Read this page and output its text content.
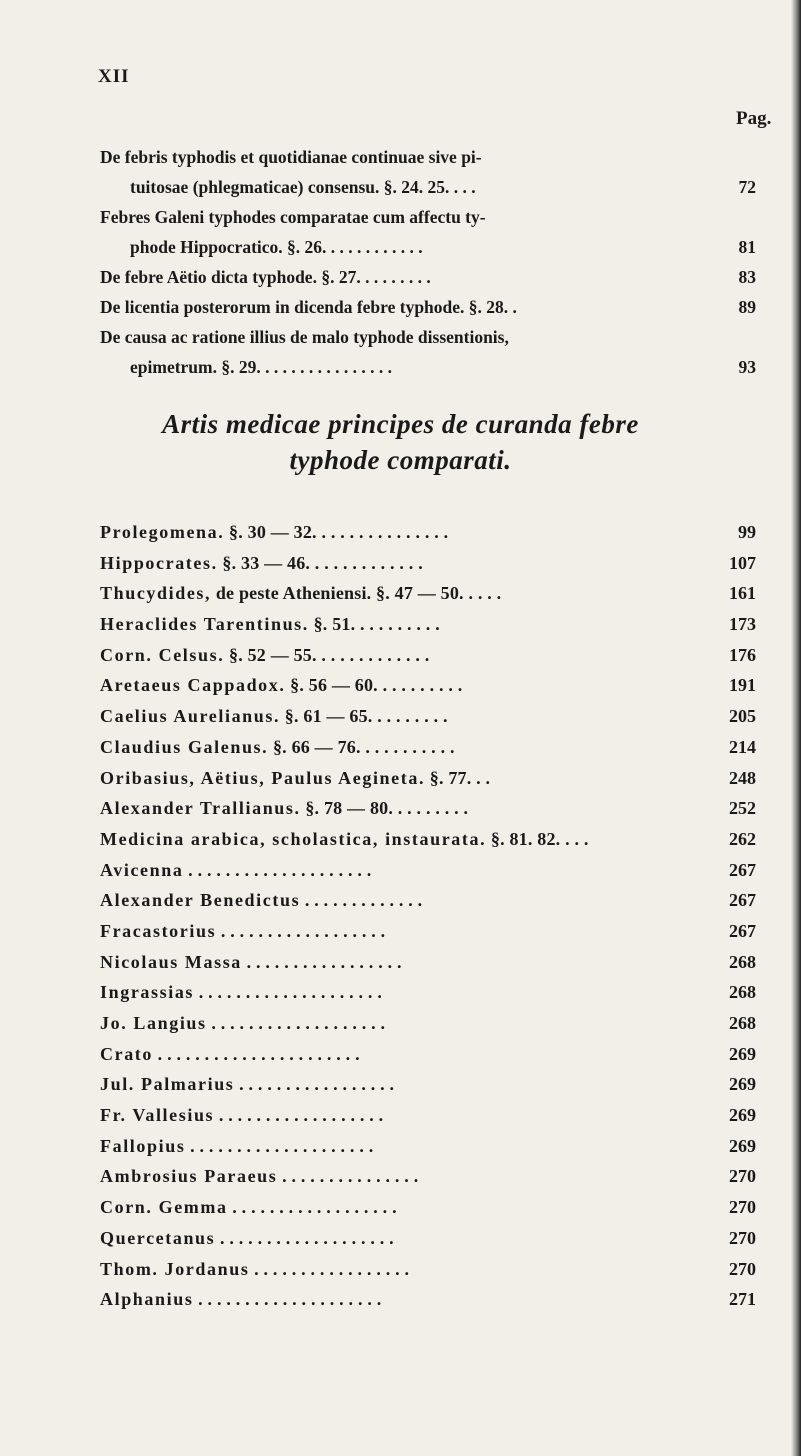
XII
Pag.
De febris typhodis et quotidianae continuae sive pi-
tuitosae (phlegmaticae) consensu. §. 24. 25. . . .	72
Febres Galeni typhodes comparatae cum affectu ty-
phode Hippocratico. §. 26. . . . . . . . . . . .	81
De febre Aëtio dicta typhode. §. 27. . . . . . . . .	83
De licentia posterorum in dicenda febre typhode. §. 28. .	89
De causa ac ratione illius de malo typhode dissentionis,
epimetrum. §. 29. . . . . . . . . . . . . . . .	93
Artis medicae principes de curanda febre
typhode comparati.
Prolegomena. §. 30 — 32. . . . . . . . . . . . . . .	99
Hippocrates. §. 33 — 46. . . . . . . . . . . . .	107
Thucydides, de peste Atheniensi. §. 47 — 50. . . . .	161
Heraclides Tarentinus. §. 51. . . . . . . . . .	173
Corn. Celsus. §. 52 — 55. . . . . . . . . . . . .	176
Aretaeus Cappadox. §. 56 — 60. . . . . . . . . .	191
Caelius Aurelianus. §. 61 — 65. . . . . . . . .	205
Claudius Galenus. §. 66 — 76. . . . . . . . . . .	214
Oribasius, Aëtius, Paulus Aegineta. §. 77. . .	248
Alexander Trallianus. §. 78 — 80. . . . . . . . .	252
Medicina arabica, scholastica, instaurata. §. 81. 82. . . .	262
Avicenna . . . . . . . . . . . . . . . . . . . .	267
Alexander Benedictus . . . . . . . . . . . . .	267
Fracastorius . . . . . . . . . . . . . . . . . .	267
Nicolaus Massa . . . . . . . . . . . . . . . . .	268
Ingrassias . . . . . . . . . . . . . . . . . . . .	268
Jo. Langius . . . . . . . . . . . . . . . . . . .	268
Crato . . . . . . . . . . . . . . . . . . . . . .	269
Jul. Palmarius . . . . . . . . . . . . . . . . .	269
Fr. Vallesius . . . . . . . . . . . . . . . . . .	269
Fallopius . . . . . . . . . . . . . . . . . . . .	269
Ambrosius Paraeus . . . . . . . . . . . . . . .	270
Corn. Gemma . . . . . . . . . . . . . . . . . .	270
Quercetanus . . . . . . . . . . . . . . . . . . .	270
Thom. Jordanus . . . . . . . . . . . . . . . . .	270
Alphanius . . . . . . . . . . . . . . . . . . . .	271
